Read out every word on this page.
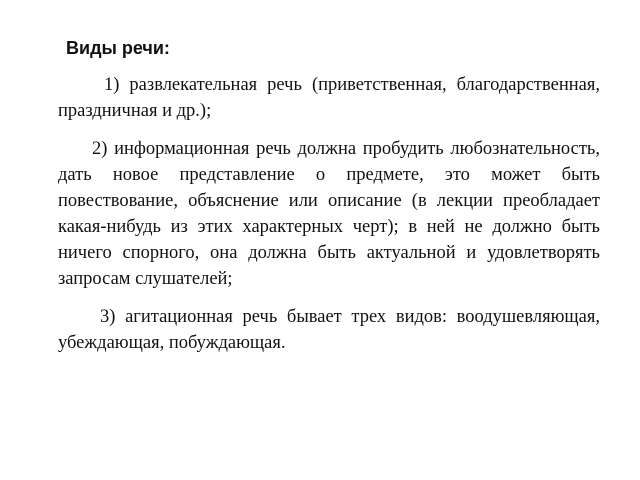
Виды речи:

1) развлекательная речь (приветственная, благодарственная, праздничная и др.);

2) информационная речь должна пробудить любознательность, дать новое представление о предмете, это может быть повествование, объяснение или описание (в лекции преобладает какая-нибудь из этих характерных черт); в ней не должно быть ничего спорного, она должна быть актуальной и удовлетворять запросам слушателей;

3) агитационная речь бывает трех видов: воодушевляющая, убеждающая, побуждающая.
